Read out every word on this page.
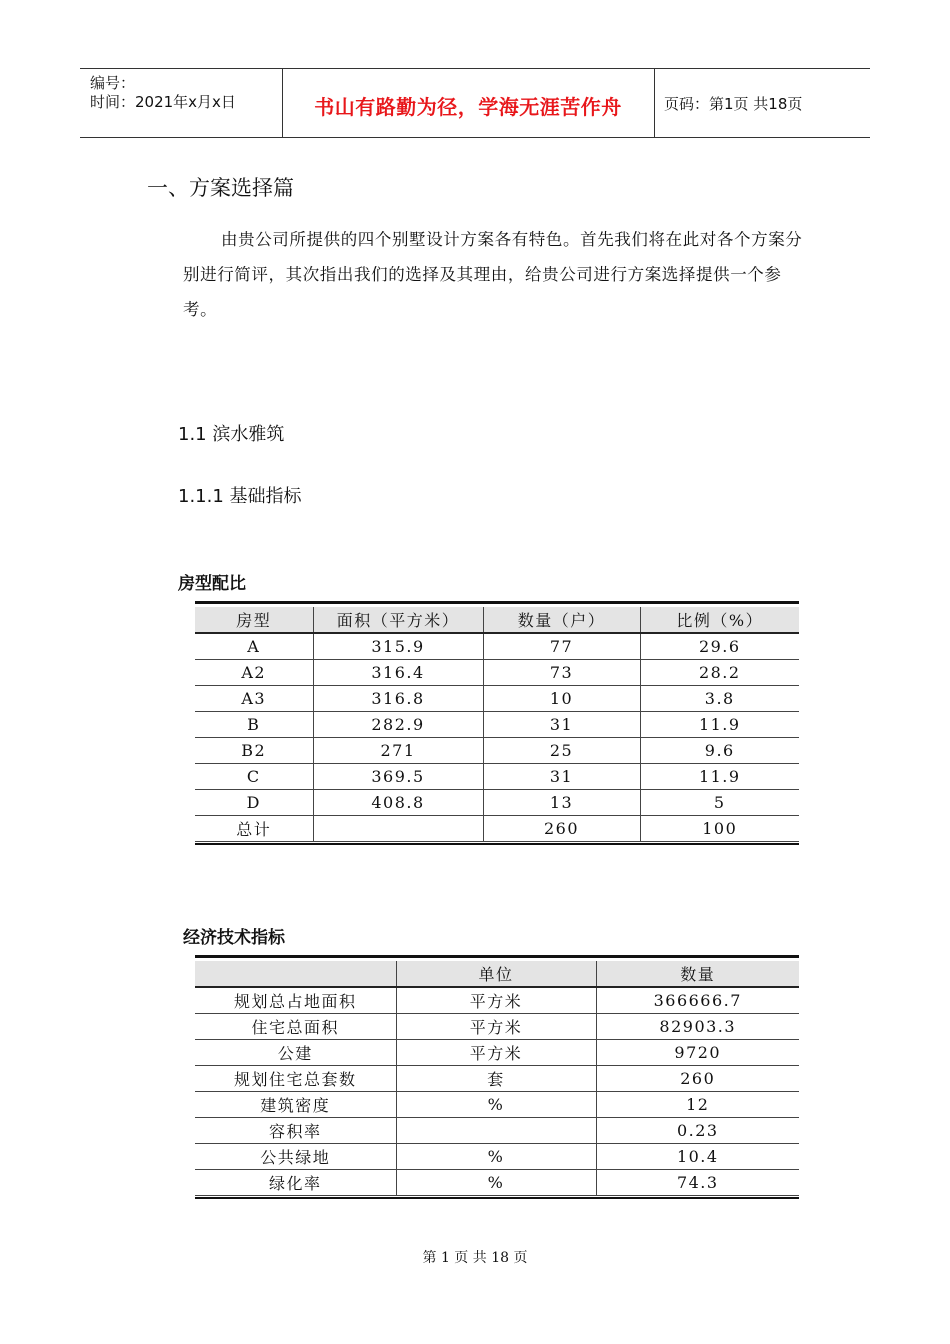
编号：
时间：2021年x月x日	书山有路勤为径，学海无涯苦作舟	页码：第1页 共18页
一、方案选择篇
由贵公司所提供的四个别墅设计方案各有特色。首先我们将在此对各个方案分别进行简评，其次指出我们的选择及其理由，给贵公司进行方案选择提供一个参考。
1.1 滨水雅筑
1.1.1 基础指标
房型配比
房型	面积（平方米）	数量（户）	比例（%）
A	315.9	77	29.6
A2	316.4	73	28.2
A3	316.8	10	3.8
B	282.9	31	11.9
B2	271	25	9.6
C	369.5	31	11.9
D	408.8	13	5
总计		260	100
经济技术指标
	单位	数量
规划总占地面积	平方米	366666.7
住宅总面积	平方米	82903.3
公建	平方米	9720
规划住宅总套数	套	260
建筑密度	%	12
容积率		0.23
公共绿地	%	10.4
绿化率	%	74.3
第 1 页 共 18 页
